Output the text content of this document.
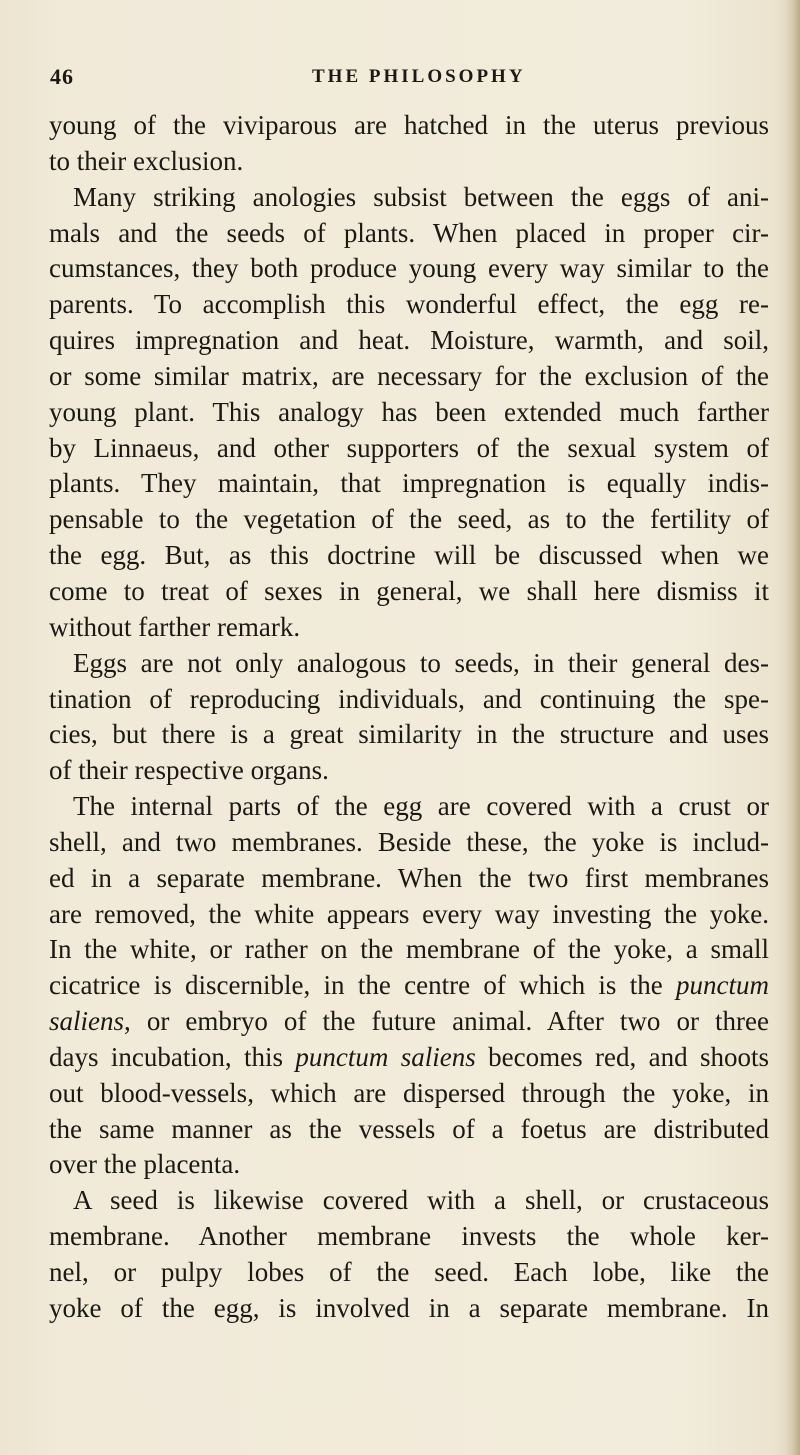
46	THE PHILOSOPHY
young of the viviparous are hatched in the uterus previous
to their exclusion.
Many striking anologies subsist between the eggs of ani-
mals and the seeds of plants. When placed in proper cir-
cumstances, they both produce young every way similar to the
parents. To accomplish this wonderful effect, the egg re-
quires impregnation and heat. Moisture, warmth, and soil,
or some similar matrix, are necessary for the exclusion of the
young plant. This analogy has been extended much farther
by Linnaeus, and other supporters of the sexual system of
plants. They maintain, that impregnation is equally indis-
pensable to the vegetation of the seed, as to the fertility of
the egg. But, as this doctrine will be discussed when we
come to treat of sexes in general, we shall here dismiss it
without farther remark.
Eggs are not only analogous to seeds, in their general des-
tination of reproducing individuals, and continuing the spe-
cies, but there is a great similarity in the structure and uses
of their respective organs.
The internal parts of the egg are covered with a crust or
shell, and two membranes. Beside these, the yoke is includ-
ed in a separate membrane. When the two first membranes
are removed, the white appears every way investing the yoke.
In the white, or rather on the membrane of the yoke, a small
cicatrice is discernible, in the centre of which is the punctum
saliens, or embryo of the future animal. After two or three
days incubation, this punctum saliens becomes red, and shoots
out blood-vessels, which are dispersed through the yoke, in
the same manner as the vessels of a foetus are distributed
over the placenta.
A seed is likewise covered with a shell, or crustaceous
membrane. Another membrane invests the whole ker-
nel, or pulpy lobes of the seed. Each lobe, like the
yoke of the egg, is involved in a separate membrane. In
